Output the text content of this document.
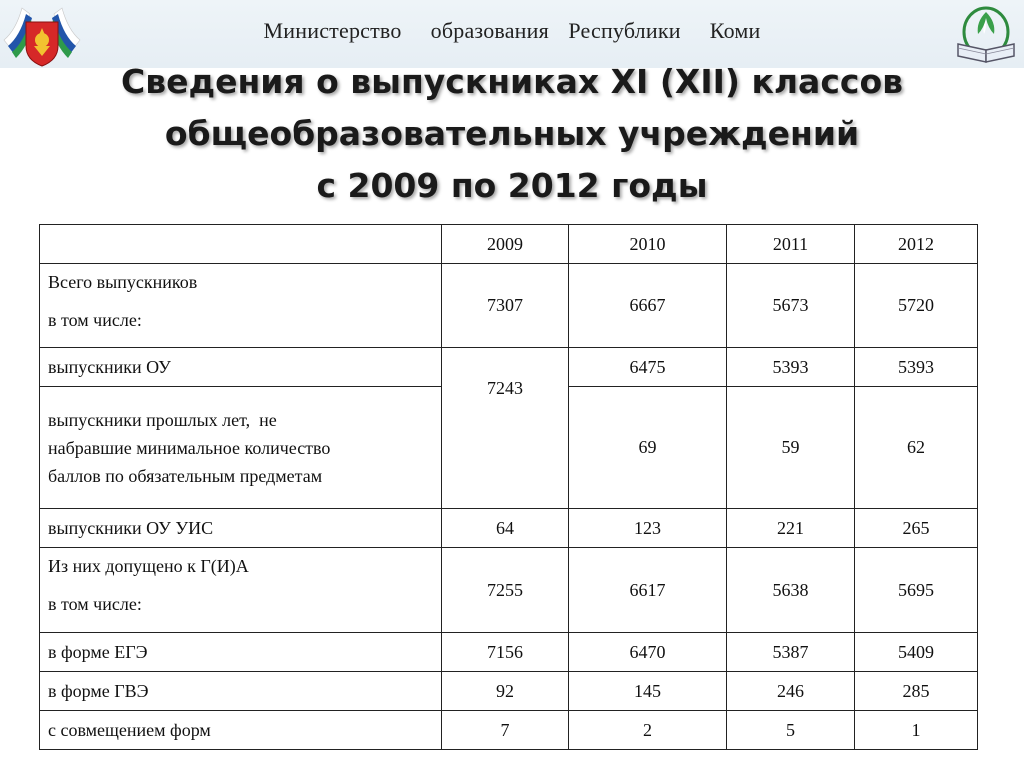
Министерство   образования  Республики   Коми
Сведения о выпускниках XI (XII) классов
общеобразовательных учреждений
с 2009 по 2012 годы
	2009	2010	2011	2012

Всего выпускников
в том числе:	7307	6667	5673	5720
выпускники ОУ	7243	6475	5393	5393

выпускники прошлых лет,  не
набравшие минимальное количество
баллов по обязательным предметам		69	59	62
выпускники ОУ УИС	64	123	221	265

Из них допущено к Г(И)А
в том числе:	7255	6617	5638	5695
в форме ЕГЭ	7156	6470	5387	5409
в форме ГВЭ	92	145	246	285
с совмещением форм	7	2	5	1
